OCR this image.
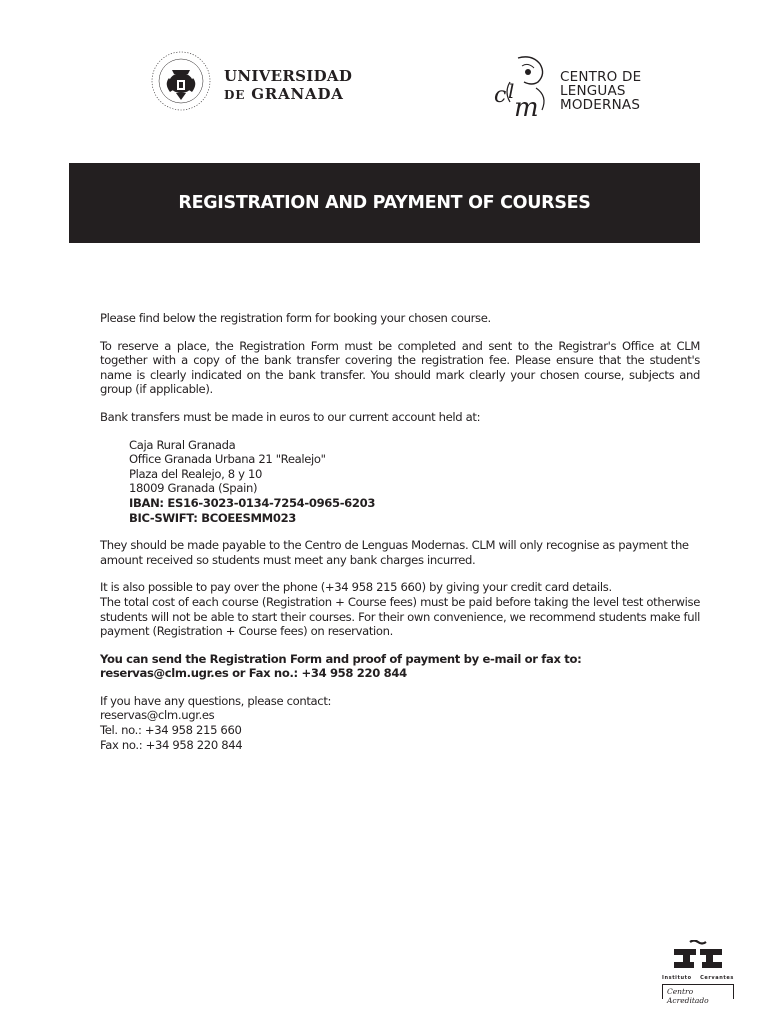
UNIVERSIDAD
DE GRANADA	c l
m
CENTRO DE
LENGUAS
MODERNAS
REGISTRATION AND PAYMENT OF COURSES

Please find below the registration form for booking your chosen course.

To reserve a place, the Registration Form must be completed and sent to the Registrar's Office at CLM together with a copy of the bank transfer covering the registration fee. Please ensure that the student's name is clearly indicated on the bank transfer. You should mark clearly your chosen course, subjects and group (if applicable).

Bank transfers must be made in euros to our current account held at:

Caja Rural Granada
Office Granada Urbana 21 "Realejo"
Plaza del Realejo, 8 y 10
18009 Granada (Spain)
IBAN: ES16-3023-0134-7254-0965-6203
BIC-SWIFT: BCOEESMM023

They should be made payable to the Centro de Lenguas Modernas. CLM will only recognise as payment the amount received so students must meet any bank charges incurred.

It is also possible to pay over the phone (+34 958 215 660) by giving your credit card details.
The total cost of each course (Registration + Course fees) must be paid before taking the level test otherwise students will not be able to start their courses. For their own convenience, we recommend students make full payment (Registration + Course fees) on reservation.

You can send the Registration Form and proof of payment by e-mail or fax to:
reservas@clm.ugr.es or Fax no.: +34 958 220 844

If you have any questions, please contact:
reservas@clm.ugr.es
Tel. no.: +34 958 215 660
Fax no.: +34 958 220 844

Instituto Cervantes
Centro Acreditado
